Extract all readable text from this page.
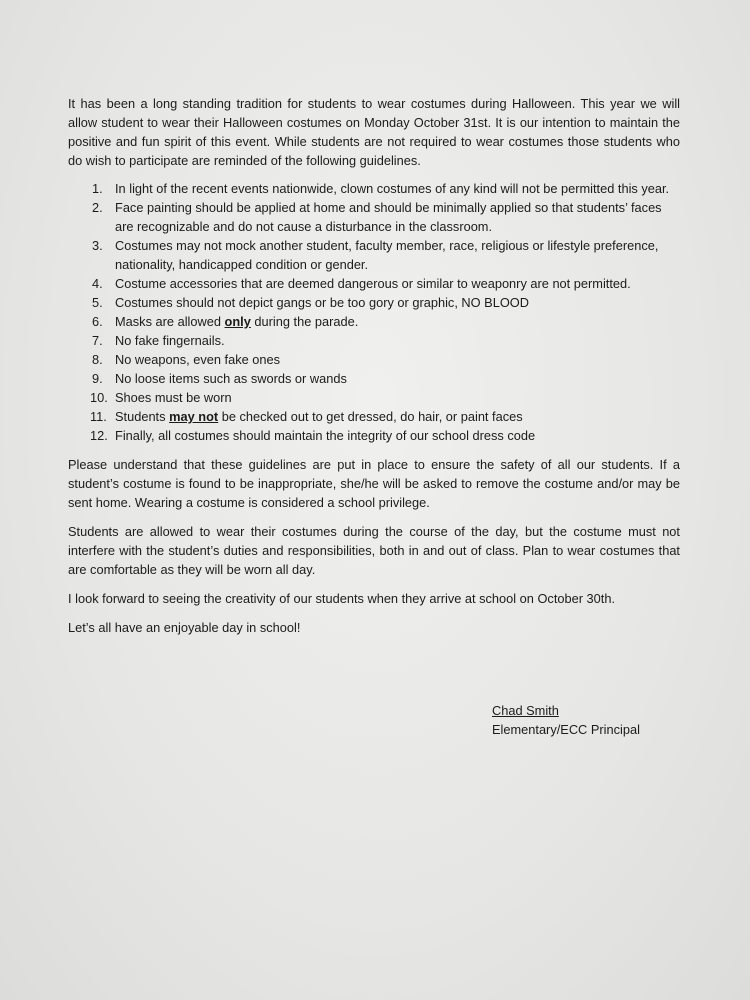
It has been a long standing tradition for students to wear costumes during Halloween. This year we will allow student to wear their Halloween costumes on Monday October 31st. It is our intention to maintain the positive and fun spirit of this event. While students are not required to wear costumes those students who do wish to participate are reminded of the following guidelines.

1. In light of the recent events nationwide, clown costumes of any kind will not be permitted this year.
2. Face painting should be applied at home and should be minimally applied so that students’ faces are recognizable and do not cause a disturbance in the classroom.
3. Costumes may not mock another student, faculty member, race, religious or lifestyle preference, nationality, handicapped condition or gender.
4. Costume accessories that are deemed dangerous or similar to weaponry are not permitted.
5. Costumes should not depict gangs or be too gory or graphic, NO BLOOD
6. Masks are allowed only during the parade.
7. No fake fingernails.
8. No weapons, even fake ones
9. No loose items such as swords or wands
10. Shoes must be worn
11. Students may not be checked out to get dressed, do hair, or paint faces
12. Finally, all costumes should maintain the integrity of our school dress code

Please understand that these guidelines are put in place to ensure the safety of all our students. If a student’s costume is found to be inappropriate, she/he will be asked to remove the costume and/or may be sent home. Wearing a costume is considered a school privilege.

Students are allowed to wear their costumes during the course of the day, but the costume must not interfere with the student’s duties and responsibilities, both in and out of class. Plan to wear costumes that are comfortable as they will be worn all day.

I look forward to seeing the creativity of our students when they arrive at school on October 30th.

Let’s all have an enjoyable day in school!

Chad Smith
Elementary/ECC Principal
